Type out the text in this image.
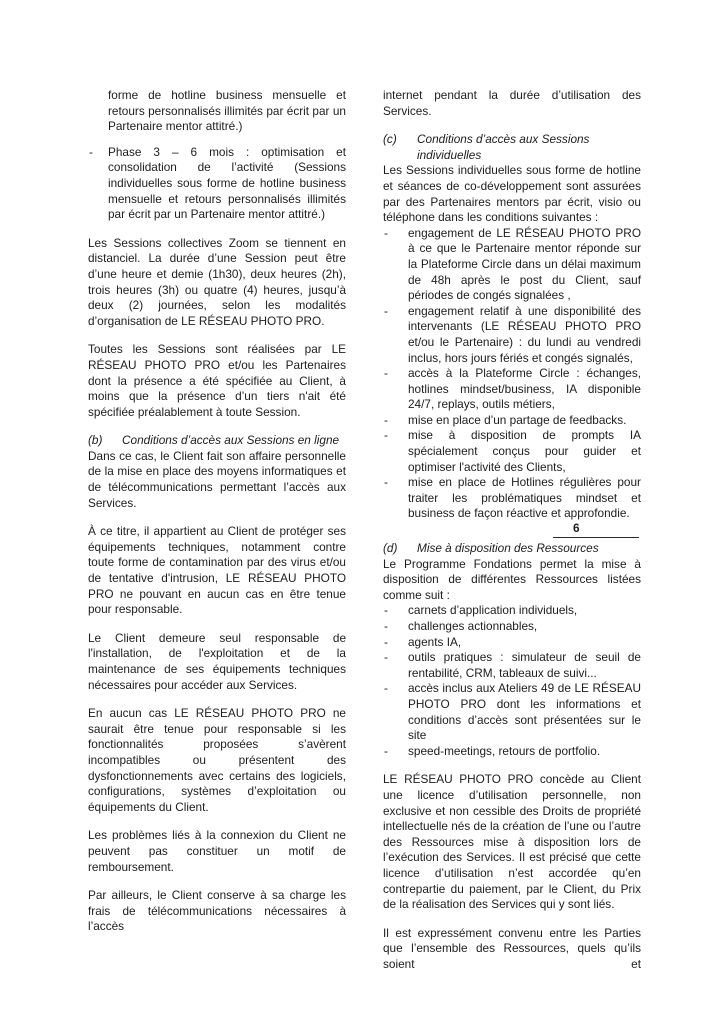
forme de hotline business mensuelle et retours personnalisés illimités par écrit par un Partenaire mentor attitré.)

- Phase 3 – 6 mois : optimisation et consolidation de l’activité (Sessions individuelles sous forme de hotline business mensuelle et retours personnalisés illimités par écrit par un Partenaire mentor attitré.)

Les Sessions collectives Zoom se tiennent en distanciel. La durée d’une Session peut être d’une heure et demie (1h30), deux heures (2h), trois heures (3h) ou quatre (4) heures, jusqu’à deux (2) journées, selon les modalités d’organisation de LE RÉSEAU PHOTO PRO.

Toutes les Sessions sont réalisées par LE RÉSEAU PHOTO PRO et/ou les Partenaires dont la présence a été spécifiée au Client, à moins que la présence d’un tiers n'ait été spécifiée préalablement à toute Session.

(b)	Conditions d’accès aux Sessions en ligne

Dans ce cas, le Client fait son affaire personnelle de la mise en place des moyens informatiques et de télécommunications permettant l’accès aux Services.

À ce titre, il appartient au Client de protéger ses équipements techniques, notamment contre toute forme de contamination par des virus et/ou de tentative d'intrusion, LE RÉSEAU PHOTO PRO ne pouvant en aucun cas en être tenue pour responsable.

Le Client demeure seul responsable de l'installation, de l'exploitation et de la maintenance de ses équipements techniques nécessaires pour accéder aux Services.

En aucun cas LE RÉSEAU PHOTO PRO ne saurait être tenue pour responsable si les fonctionnalités proposées s’avèrent incompatibles ou présentent des dysfonctionnements avec certains des logiciels, configurations, systèmes d’exploitation ou équipements du Client.

Les problèmes liés à la connexion du Client ne peuvent pas constituer un motif de remboursement.

Par ailleurs, le Client conserve à sa charge les frais de télécommunications nécessaires à l’accès

internet pendant la durée d’utilisation des Services.

(c)	Conditions d’accès aux Sessions individuelles

Les Sessions individuelles sous forme de hotline et séances de co-développement sont assurées par des Partenaires mentors par écrit, visio ou téléphone dans les conditions suivantes :

- engagement de LE RÉSEAU PHOTO PRO à ce que le Partenaire mentor réponde sur la Plateforme Circle dans un délai maximum de 48h après le post du Client, sauf périodes de congés signalées ,
- engagement relatif à une disponibilité des intervenants (LE RÉSEAU PHOTO PRO et/ou le Partenaire) : du lundi au vendredi inclus, hors jours fériés et congés signalés,
- accès à la Plateforme Circle : échanges, hotlines mindset/business, IA disponible 24/7, replays, outils métiers,
- mise en place d’un partage de feedbacks.
- mise à disposition de prompts IA spécialement conçus pour guider et optimiser l'activité des Clients,
- mise en place de Hotlines régulières pour traiter les problématiques mindset et business de façon réactive et approfondie.
6
(d)	Mise à disposition des Ressources

Le Programme Fondations permet la mise à disposition de différentes Ressources listées comme suit :

- carnets d’application individuels,
- challenges actionnables,
- agents IA,
- outils pratiques : simulateur de seuil de rentabilité, CRM, tableaux de suivi...
- accès inclus aux Ateliers 49 de LE RÉSEAU PHOTO PRO dont les informations et conditions d’accès sont présentées sur le site
- speed-meetings, retours de portfolio.

LE RÉSEAU PHOTO PRO concède au Client une licence d’utilisation personnelle, non exclusive et non cessible des Droits de propriété intellectuelle nés de la création de l’une ou l’autre des Ressources mise à disposition lors de l’exécution des Services. Il est précisé que cette licence d’utilisation n’est accordée qu’en contrepartie du paiement, par le Client, du Prix de la réalisation des Services qui y sont liés.

Il est expressément convenu entre les Parties que l’ensemble des Ressources, quels qu’ils soient et
